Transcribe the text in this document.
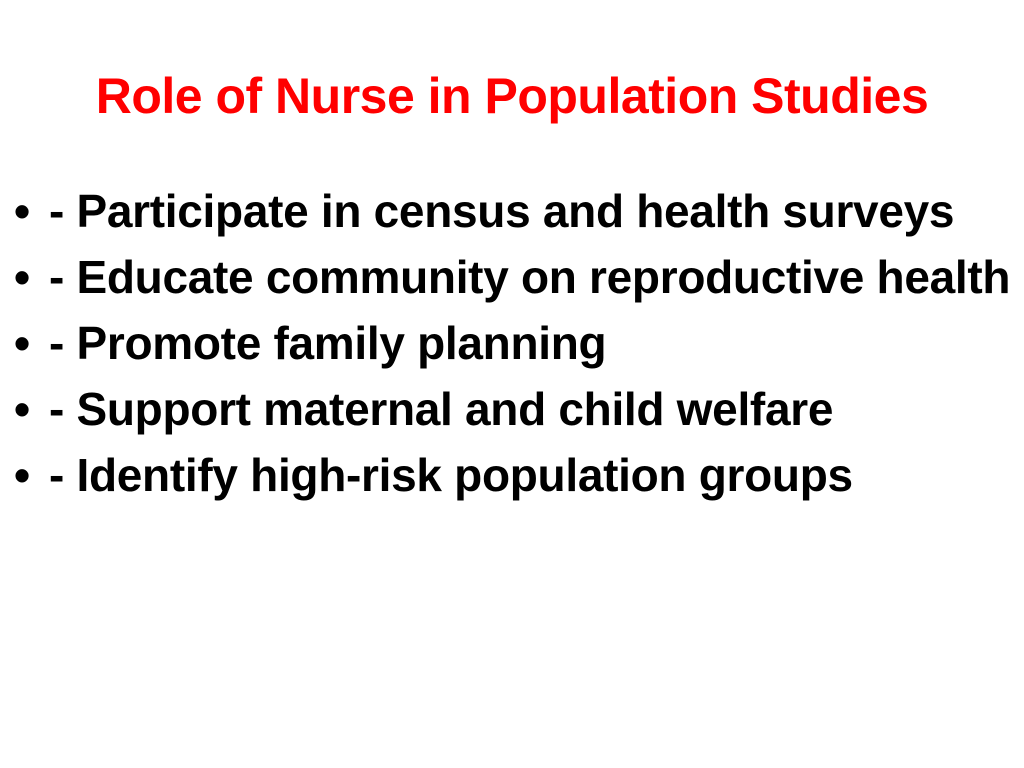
Role of Nurse in Population Studies
• - Participate in census and health surveys
• - Educate community on reproductive health
• - Promote family planning
• - Support maternal and child welfare
• - Identify high-risk population groups
